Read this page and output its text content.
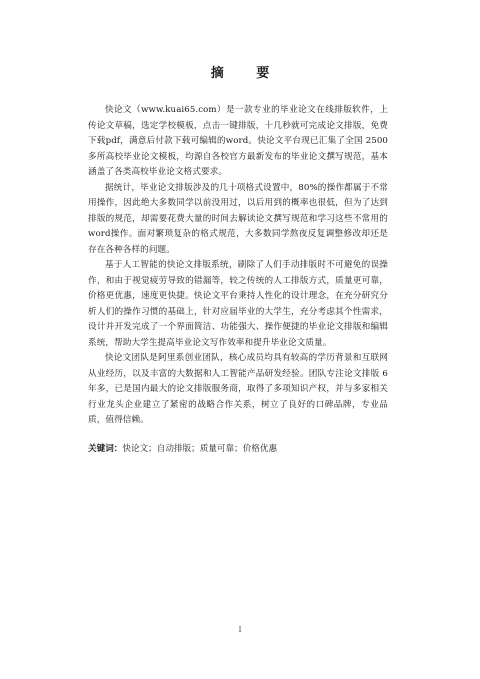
摘 要

快论文（www.kuai65.com）是一款专业的毕业论文在线排版软件，上传论文草稿，选定学校模板，点击一键排版，十几秒就可完成论文排版，免费下载pdf，满意后付款下载可编辑的word。快论文平台现已汇集了全国 2500 多所高校毕业论文模板，均源自各校官方最新发布的毕业论文撰写规范，基本涵盖了各类高校毕业论文格式要求。

据统计，毕业论文排版涉及的几十项格式设置中，80%的操作都属于不常用操作，因此绝大多数同学以前没用过，以后用到的概率也很低，但为了达到排版的规范，却需要花费大量的时间去解读论文撰写规范和学习这些不常用的 word操作。面对繁琐复杂的格式规范，大多数同学熬夜反复调整修改却还是存在各种各样的问题。

基于人工智能的快论文排版系统，刷除了人们手动排版时不可避免的误操作，和由于视觉疲劳导致的错漏等，较之传统的人工排版方式，质量更可靠，价格更优惠，速度更快捷。快论文平台秉持人性化的设计理念，在充分研究分析人们的操作习惯的基础上，针对应届毕业的大学生，充分考虑其个性需求，设计并开发完成了一个界面简洁、功能强大、操作便捷的毕业论文排版和编辑系统，帮助大学生提高毕业论文写作效率和提升毕业论文质量。

快论文团队是阿里系创业团队，核心成员均具有较高的学历背景和互联网从业经历，以及丰富的大数据和人工智能产品研发经验。团队专注论文排版 6 年多，已是国内最大的论文排版服务商，取得了多项知识产权，并与多家相关行业龙头企业建立了紧密的战略合作关系，树立了良好的口碑品牌，专业品质，值得信赖。

关键词：快论文；自动排版；质量可靠；价格优惠
I
